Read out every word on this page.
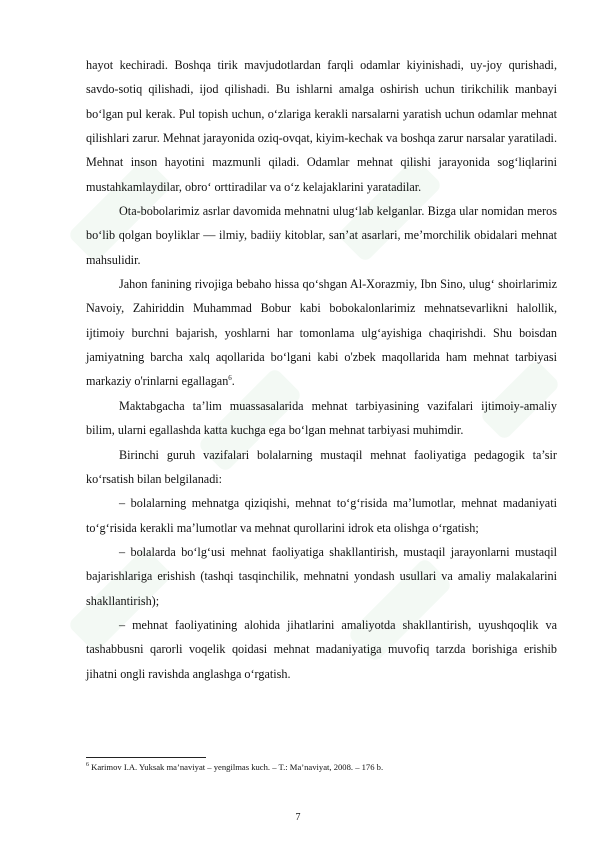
hayot kechiradi. Boshqa tirik mavjudotlardan farqli odamlar kiyinishadi, uy-joy qurishadi, savdo-sotiq qilishadi, ijod qilishadi. Bu ishlarni amalga oshirish uchun tirikchilik manbayi bo‘lgan pul kerak. Pul topish uchun, o‘zlariga kerakli narsalarni yaratish uchun odamlar mehnat qilishlari zarur. Mehnat jarayonida oziq-ovqat, kiyim-kechak va boshqa zarur narsalar yaratiladi. Mehnat inson hayotini mazmunli qiladi. Odamlar mehnat qilishi jarayonida sog‘liqlarini mustahkamlaydilar, obro‘ orttiradilar va o‘z kelajaklarini yaratadilar.

Ota-bobolarimiz asrlar davomida mehnatni ulug‘lab kelganlar. Bizga ular nomidan meros bo‘lib qolgan boyliklar — ilmiy, badiiy kitoblar, san’at asarlari, me’morchilik obidalari mehnat mahsulidir.

Jahon fanining rivojiga bebaho hissa qo‘shgan Al-Xorazmiy, Ibn Sino, ulug‘ shoirlarimiz Navoiy, Zahiriddin Muhammad Bobur kabi bobokalonlarimiz mehnatsevarlikni halollik, ijtimoiy burchni bajarish, yoshlarni har tomonlama ulg‘ayishiga chaqirishdi. Shu boisdan jamiyatning barcha xalq aqollarida bo‘lgani kabi o'zbek maqollarida ham mehnat tarbiyasi markaziy o'rinlarni egallagan$^6$.

Maktabgacha ta’lim muassasalarida mehnat tarbiyasining vazifalari ijtimoiy-amaliy bilim, ularni egallashda katta kuchga ega bo‘lgan mehnat tarbiyasi muhimdir.

Birinchi guruh vazifalari bolalarning mustaqil mehnat faoliyatiga pedagogik ta’sir ko‘rsatish bilan belgilanadi:

– bolalarning mehnatga qiziqishi, mehnat to‘g‘risida ma’lumotlar, mehnat madaniyati to‘g‘risida kerakli ma’lumotlar va mehnat qurollarini idrok eta olishga o‘rgatish;

– bolalarda bo‘lg‘usi mehnat faoliyatiga shakllantirish, mustaqil jarayonlarni mustaqil bajarishlariga erishish (tashqi tasqinchilik, mehnatni yondash usullari va amaliy malakalarini shakllantirish);

– mehnat faoliyatining alohida jihatlarini amaliyotda shakllantirish, uyushqoqlik va tashabbusni qarorli voqelik qoidasi mehnat madaniyatiga muvofiq tarzda borishiga erishib jihatni ongli ravishda anglashga o‘rgatish.

$^6$ Karimov I.A. Yuksak ma’naviyat – yengilmas kuch. – T.: Ma’naviyat, 2008. – 176 b.
7
